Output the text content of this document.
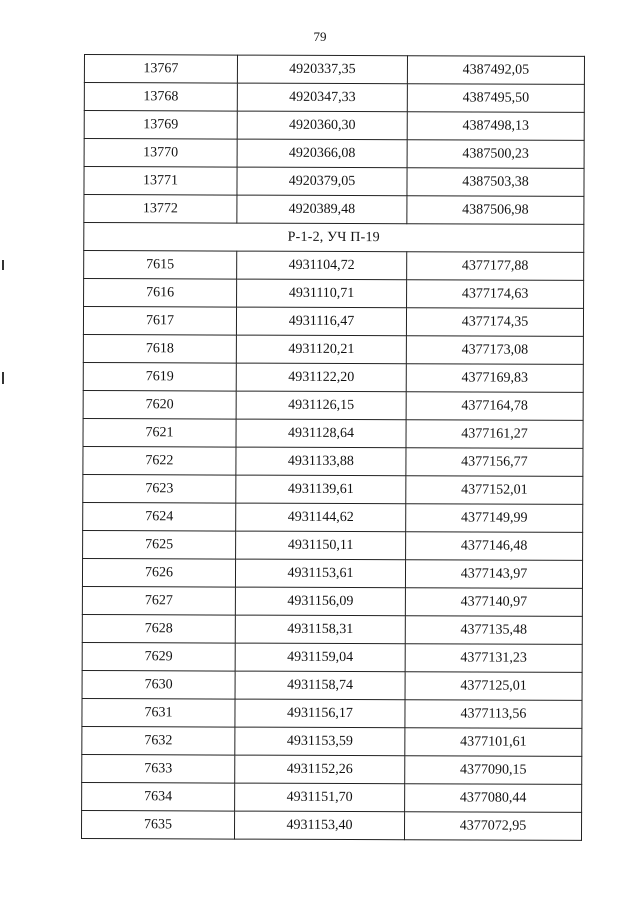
79
13767	4920337,35	4387492,05
13768	4920347,33	4387495,50
13769	4920360,30	4387498,13
13770	4920366,08	4387500,23
13771	4920379,05	4387503,38
13772	4920389,48	4387506,98
Р-1-2, УЧ П-19		
7615	4931104,72	4377177,88
7616	4931110,71	4377174,63
7617	4931116,47	4377174,35
7618	4931120,21	4377173,08
7619	4931122,20	4377169,83
7620	4931126,15	4377164,78
7621	4931128,64	4377161,27
7622	4931133,88	4377156,77
7623	4931139,61	4377152,01
7624	4931144,62	4377149,99
7625	4931150,11	4377146,48
7626	4931153,61	4377143,97
7627	4931156,09	4377140,97
7628	4931158,31	4377135,48
7629	4931159,04	4377131,23
7630	4931158,74	4377125,01
7631	4931156,17	4377113,56
7632	4931153,59	4377101,61
7633	4931152,26	4377090,15
7634	4931151,70	4377080,44
7635	4931153,40	4377072,95
